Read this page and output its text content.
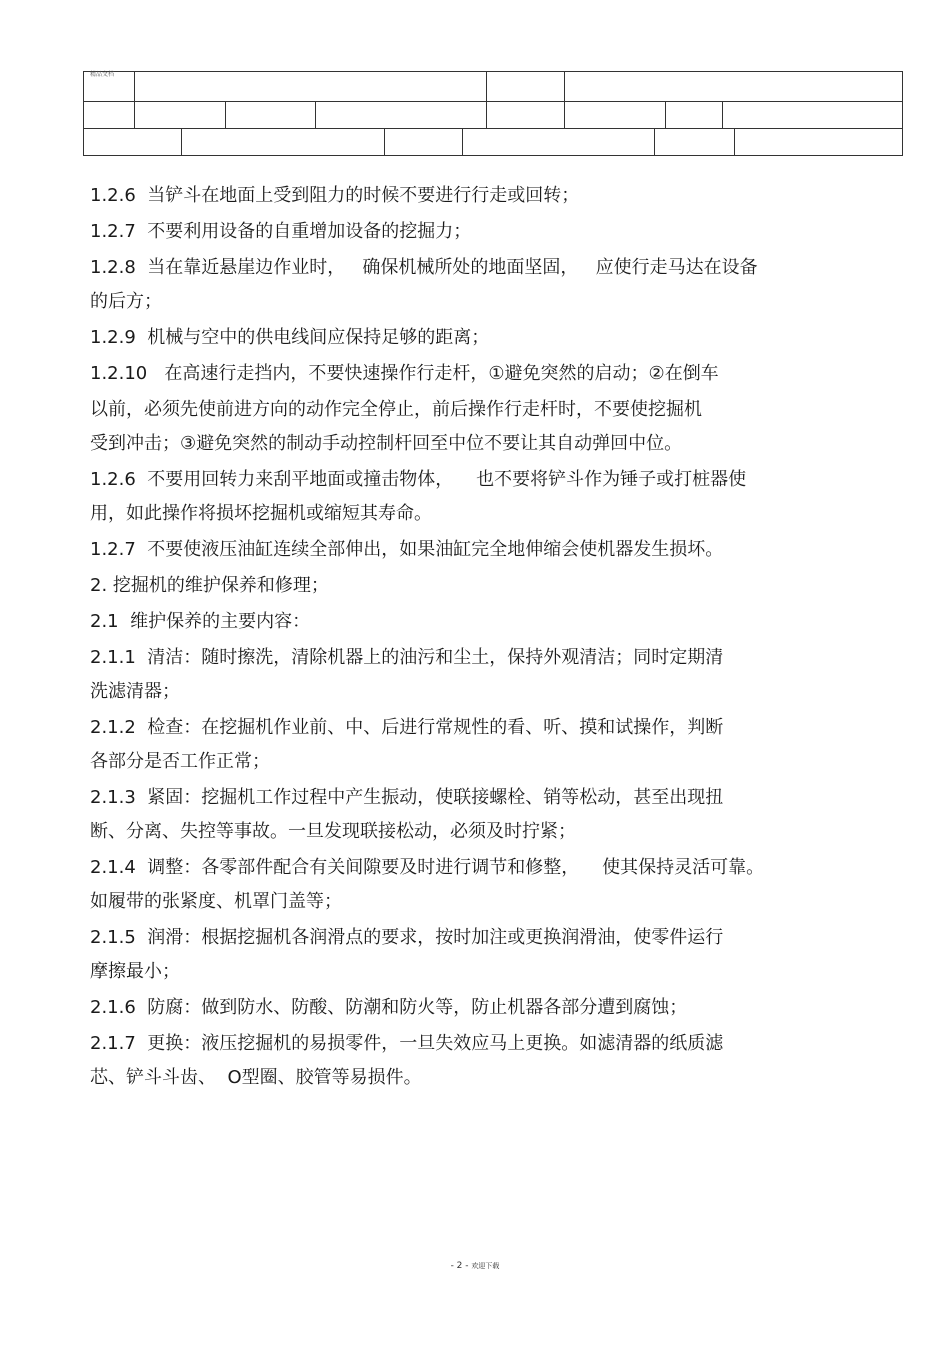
精品文档
1.2.6  当铲斗在地面上受到阻力的时候不要进行行走或回转；
1.2.7  不要利用设备的自重增加设备的挖掘力；
1.2.8  当在靠近悬崖边作业时，   确保机械所处的地面坚固，   应使行走马达在设备
的后方；
1.2.9  机械与空中的供电线间应保持足够的距离；
1.2.10   在高速行走挡内，不要快速操作行走杆，①避免突然的启动；②在倒车
以前，必须先使前进方向的动作完全停止，前后操作行走杆时，不要使挖掘机
受到冲击；③避免突然的制动手动控制杆回至中位不要让其自动弹回中位。
1.2.6  不要用回转力来刮平地面或撞击物体，    也不要将铲斗作为锤子或打桩器使
用，如此操作将损坏挖掘机或缩短其寿命。
1.2.7  不要使液压油缸连续全部伸出，如果油缸完全地伸缩会使机器发生损坏。
2. 挖掘机的维护保养和修理；
2.1  维护保养的主要内容：
2.1.1  清洁：随时擦洗，清除机器上的油污和尘土，保持外观清洁；同时定期清
洗滤清器；
2.1.2  检查：在挖掘机作业前、中、后进行常规性的看、听、摸和试操作，判断
各部分是否工作正常；
2.1.3  紧固：挖掘机工作过程中产生振动，使联接螺栓、销等松动，甚至出现扭
断、分离、失控等事故。一旦发现联接松动，必须及时拧紧；
2.1.4  调整：各零部件配合有关间隙要及时进行调节和修整，    使其保持灵活可靠。
如履带的张紧度、机罩门盖等；
2.1.5  润滑：根据挖掘机各润滑点的要求，按时加注或更换润滑油，使零件运行
摩擦最小；
2.1.6  防腐：做到防水、防酸、防潮和防火等，防止机器各部分遭到腐蚀；
2.1.7  更换：液压挖掘机的易损零件，一旦失效应马上更换。如滤清器的纸质滤
芯、铲斗斗齿、  O型圈、胶管等易损件。
- 2 - 欢迎下载
